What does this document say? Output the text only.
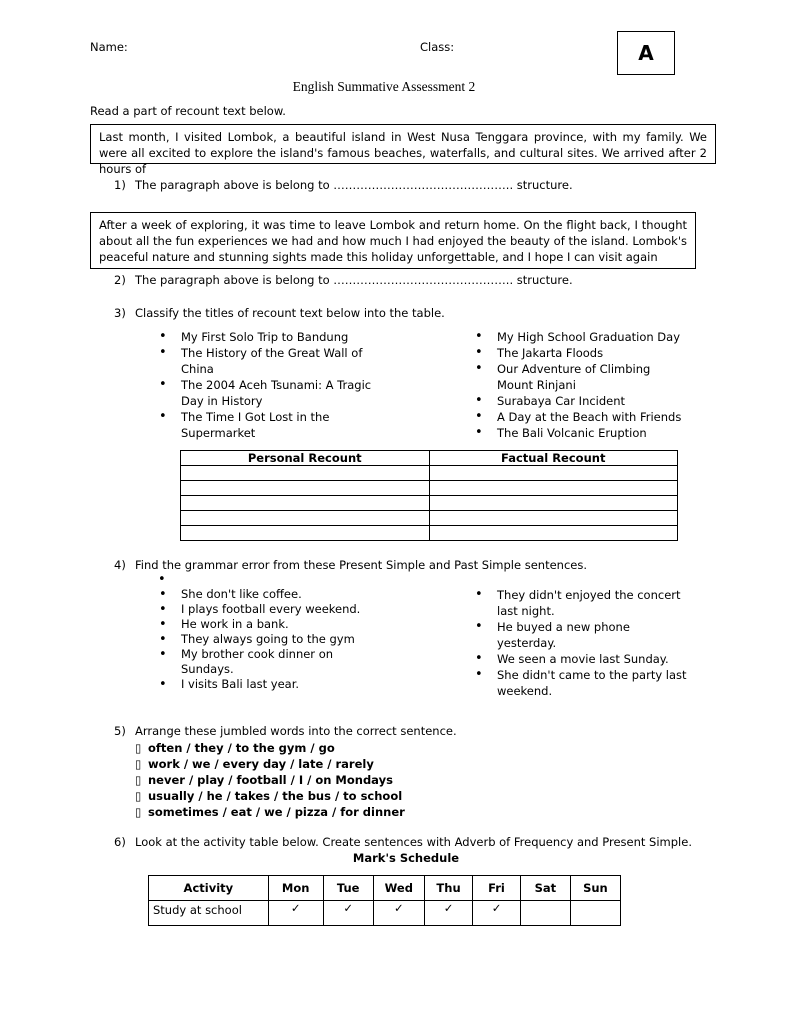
Name:	Class:	A
English Summative Assessment 2
Read a part of recount text below.
Last month, I visited Lombok, a beautiful island in West Nusa Tenggara province, with my family. We were all excited to explore the island's famous beaches, waterfalls, and cultural sites. We arrived after 2 hours of
1) The paragraph above is belong to ……………………………………….. structure.
After a week of exploring, it was time to leave Lombok and return home. On the flight back, I thought about all the fun experiences we had and how much I had enjoyed the beauty of the island. Lombok's peaceful nature and stunning sights made this holiday unforgettable, and I hope I can visit again
2) The paragraph above is belong to ……………………………………….. structure.
3) Classify the titles of recount text below into the table.
• My First Solo Trip to Bandung
• The History of the Great Wall of China
• The 2004 Aceh Tsunami: A Tragic Day in History
• The Time I Got Lost in the Supermarket
• My High School Graduation Day
• The Jakarta Floods
• Our Adventure of Climbing Mount Rinjani
• Surabaya Car Incident
• A Day at the Beach with Friends
• The Bali Volcanic Eruption
Personal Recount	Factual Recount

4) Find the grammar error from these Present Simple and Past Simple sentences.
•
• She don't like coffee.
• I plays football every weekend.
• He work in a bank.
• They always going to the gym
• My brother cook dinner on Sundays.
• I visits Bali last year.
• They didn't enjoyed the concert last night.
• He buyed a new phone yesterday.
• We seen a movie last Sunday.
• She didn't came to the party last weekend.
5) Arrange these jumbled words into the correct sentence.
▯ often / they / to the gym / go
▯ work / we / every day / late / rarely
▯ never / play / football / I / on Mondays
▯ usually / he / takes / the bus / to school
▯ sometimes / eat / we / pizza / for dinner
6) Look at the activity table below. Create sentences with Adverb of Frequency and Present Simple.
Mark's Schedule
Activity	Mon	Tue	Wed	Thu	Fri	Sat	Sun
Study at school	✓	✓	✓	✓	✓		
